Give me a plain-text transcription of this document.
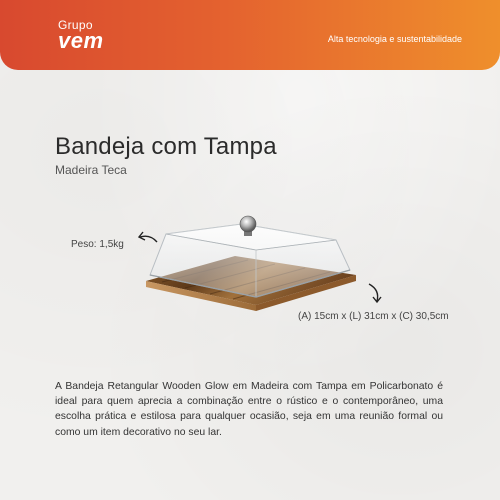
Grupo
vem	Alta tecnologia e sustentabilidade
Bandeja com Tampa
Madeira Teca
Peso: 1,5kg
(A) 15cm x (L) 31cm x (C) 30,5cm
A Bandeja Retangular Wooden Glow em Madeira com Tampa em Policarbonato é ideal para quem aprecia a combinação entre o rústico e o contemporâneo, uma escolha prática e estilosa para qualquer ocasião, seja em uma reunião formal ou como um item decorativo no seu lar.
